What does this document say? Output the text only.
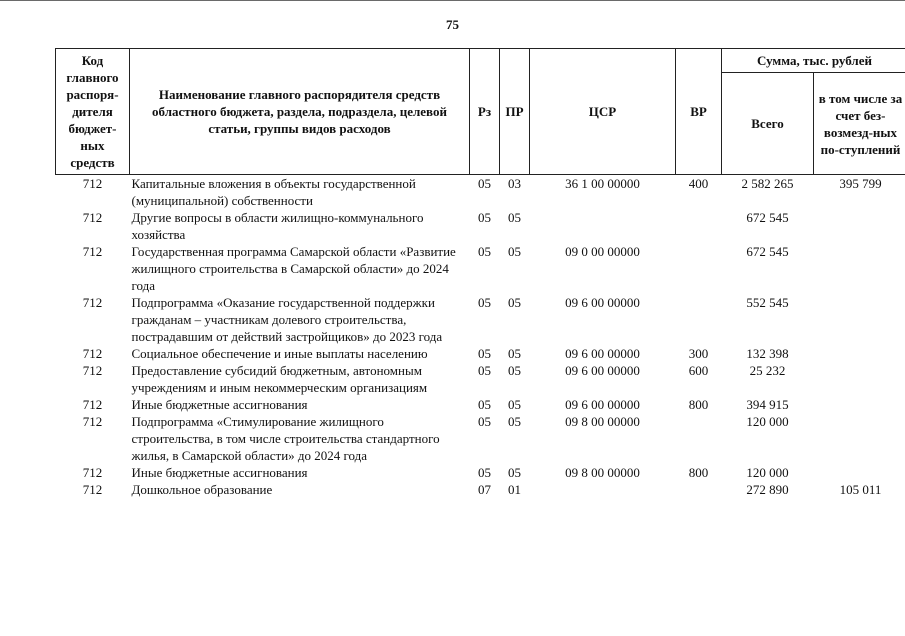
75
Код главного распоря-дителя бюджет-ных средств	Наименование главного распорядителя средств областного бюджета, раздела, подраздела, целевой статьи, группы видов расходов	Рз	ПР	ЦСР	ВР	Сумма, тыс. рублей	
						Всего	в том числе за счет без-возмезд-ных по-ступлений
712	Капитальные вложения в объекты государственной (муниципальной) собственности	05	03	36 1 00 00000	400	2 582 265	395 799
712	Другие вопросы в области жилищно-коммунального хозяйства	05	05			672 545	
712	Государственная программа Самарской области «Развитие жилищного строительства в Самарской области» до 2024 года	05	05	09 0 00 00000		672 545	
712	Подпрограмма «Оказание государственной поддержки гражданам – участникам долевого строительства, пострадавшим от действий застройщиков» до 2023 года	05	05	09 6 00 00000		552 545	
712	Социальное обеспечение и иные выплаты населению	05	05	09 6 00 00000	300	132 398	
712	Предоставление субсидий бюджетным, автономным учреждениям и иным некоммерческим организациям	05	05	09 6 00 00000	600	25 232	
712	Иные бюджетные ассигнования	05	05	09 6 00 00000	800	394 915	
712	Подпрограмма «Стимулирование жилищного строительства, в том числе строительства стандартного жилья, в Самарской области» до 2024 года	05	05	09 8 00 00000		120 000	
712	Иные бюджетные ассигнования	05	05	09 8 00 00000	800	120 000	
712	Дошкольное образование	07	01			272 890	105 011
